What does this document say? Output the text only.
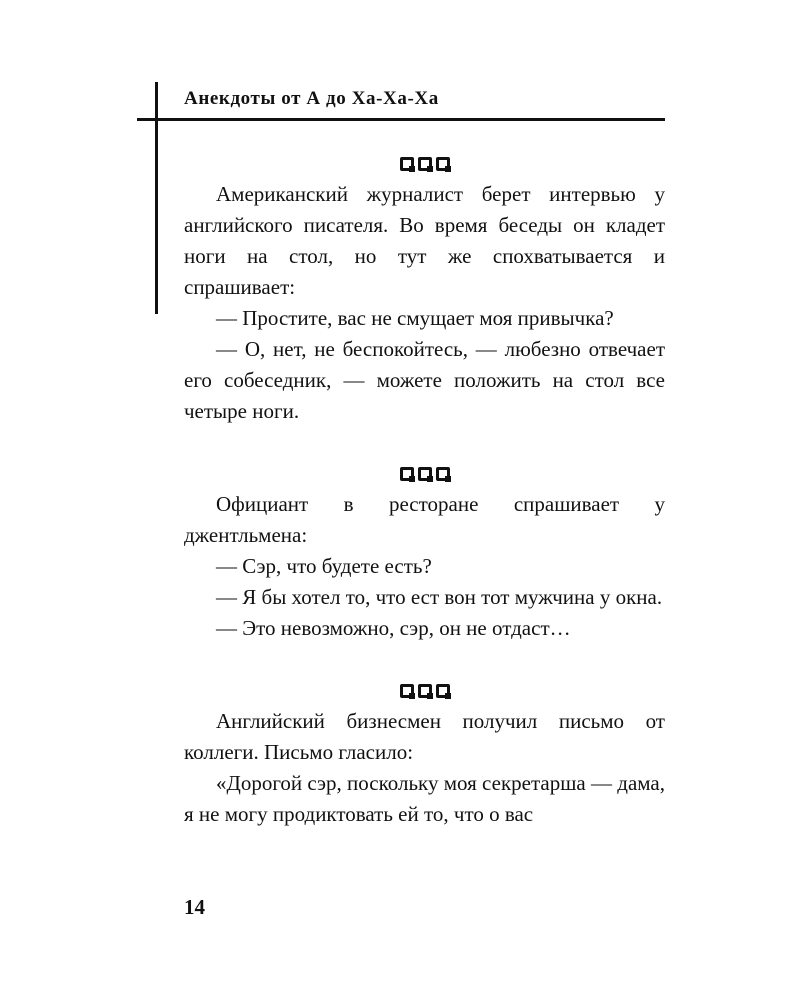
Анекдоты от А до Ха-Ха-Ха

Американский журналист берет интервью у английского писателя. Во время беседы он кладет ноги на стол, но тут же спохватывается и спрашивает:

— Простите, вас не смущает моя привычка?

— О, нет, не беспокойтесь, — любезно отвечает его собеседник, — можете положить на стол все четыре ноги.

Официант в ресторане спрашивает у джентльмена:

— Сэр, что будете есть?

— Я бы хотел то, что ест вон тот мужчина у окна.

— Это невозможно, сэр, он не отдаст…

Английский бизнесмен получил письмо от коллеги. Письмо гласило:

«Дорогой сэр, поскольку моя секретарша — дама, я не могу продиктовать ей то, что о вас

14
